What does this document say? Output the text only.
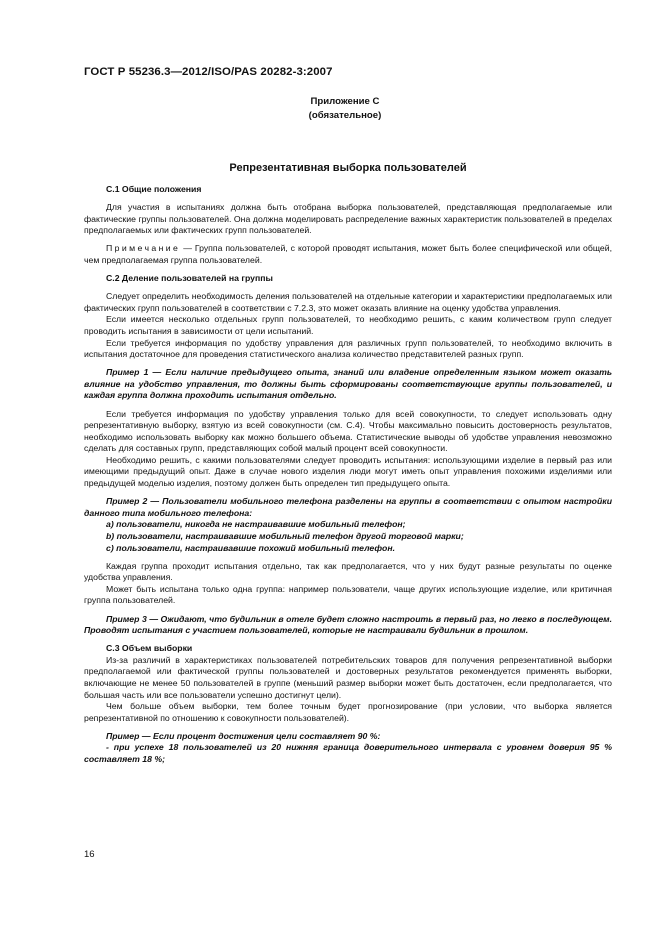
ГОСТ Р 55236.3—2012/ISO/PAS 20282-3:2007
Приложение С
(обязательное)
Репрезентативная выборка пользователей
С.1 Общие положения

Для участия в испытаниях должна быть отобрана выборка пользователей, представляющая предполагаемые или фактические группы пользователей. Она должна моделировать распределение важных характеристик пользователей в пределах предполагаемых или фактических групп пользователей.

Примечание — Группа пользователей, с которой проводят испытания, может быть более специфической или общей, чем предполагаемая группа пользователей.

С.2 Деление пользователей на группы

Следует определить необходимость деления пользователей на отдельные категории и характеристики предполагаемых или фактических групп пользователей в соответствии с 7.2.3, это может оказать влияние на оценку удобства управления.

Если имеется несколько отдельных групп пользователей, то необходимо решить, с каким количеством групп следует проводить испытания в зависимости от цели испытаний.

Если требуется информация по удобству управления для различных групп пользователей, то необходимо включить в испытания достаточное для проведения статистического анализа количество представителей разных групп.

Пример 1 — Если наличие предыдущего опыта, знаний или владение определенным языком может оказать влияние на удобство управления, то должны быть сформированы соответствующие группы пользователей, и каждая группа должна проходить испытания отдельно.

Если требуется информация по удобству управления только для всей совокупности, то следует использовать одну репрезентативную выборку, взятую из всей совокупности (см. С.4). Чтобы максимально повысить достоверность результатов, необходимо использовать выборку как можно большего объема. Статистические выводы об удобстве управления невозможно сделать для составных групп, представляющих собой малый процент всей совокупности.

Необходимо решить, с какими пользователями следует проводить испытания: использующими изделие в первый раз или имеющими предыдущий опыт. Даже в случае нового изделия люди могут иметь опыт управления похожими изделиями или предыдущей моделью изделия, поэтому должен быть определен тип предыдущего опыта.

Пример 2 — Пользователи мобильного телефона разделены на группы в соответствии с опытом настройки данного типа мобильного телефона:

a) пользователи, никогда не настраивавшие мобильный телефон;
b) пользователи, настраивавшие мобильный телефон другой торговой марки;
c) пользователи, настраивавшие похожий мобильный телефон.

Каждая группа проходит испытания отдельно, так как предполагается, что у них будут разные результаты по оценке удобства управления.

Может быть испытана только одна группа: например пользователи, чаще других использующие изделие, или критичная группа пользователей.

Пример 3 — Ожидают, что будильник в отеле будет сложно настроить в первый раз, но легко в последующем. Проводят испытания с участием пользователей, которые не настраивали будильник в прошлом.

С.3 Объем выборки

Из-за различий в характеристиках пользователей потребительских товаров для получения репрезентативной выборки предполагаемой или фактической группы пользователей и достоверных результатов рекомендуется применять выборки, включающие не менее 50 пользователей в группе (меньший размер выборки может быть достаточен, если предполагается, что большая часть или все пользователи успешно достигнут цели).

Чем больше объем выборки, тем более точным будет прогнозирование (при условии, что выборка является репрезентативной по отношению к совокупности пользователей).

Пример — Если процент достижения цели составляет 90 %:

- при успехе 18 пользователей из 20 нижняя граница доверительного интервала с уровнем доверия 95 % составляет 18 %;

16
